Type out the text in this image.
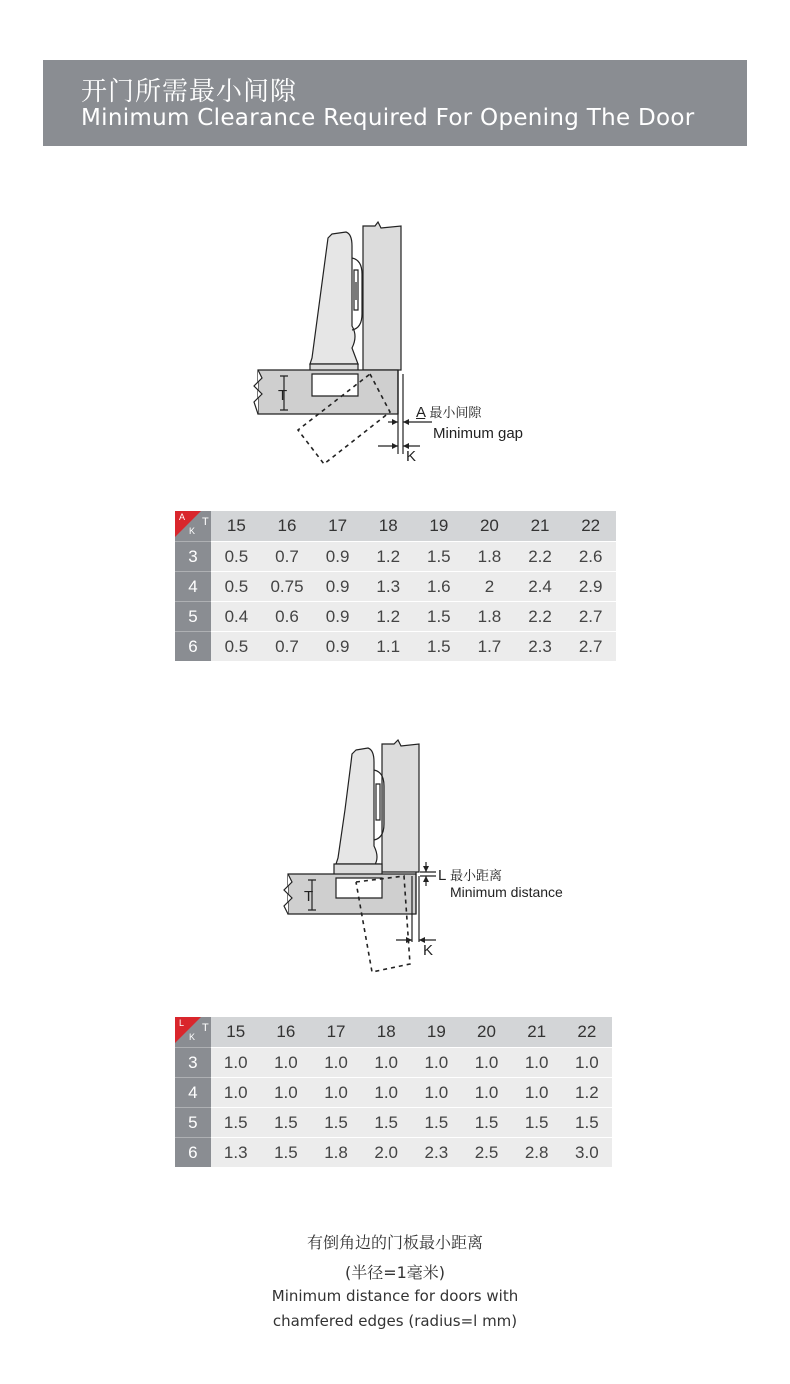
开门所需最小间隙
Minimum Clearance Required For Opening The Door
T
A 最小间隙
Minimum gap
K
A
K
T	15	16	17	18	19	20	21	22
3	0.5	0.7	0.9	1.2	1.5	1.8	2.2	2.6
4	0.5	0.75	0.9	1.3	1.6	2	2.4	2.9
5	0.4	0.6	0.9	1.2	1.5	1.8	2.2	2.7
6	0.5	0.7	0.9	1.1	1.5	1.7	2.3	2.7
T
L 最小距离
Minimum distance
K
L
K
T	15	16	17	18	19	20	21	22
3	1.0	1.0	1.0	1.0	1.0	1.0	1.0	1.0
4	1.0	1.0	1.0	1.0	1.0	1.0	1.0	1.2
5	1.5	1.5	1.5	1.5	1.5	1.5	1.5	1.5
6	1.3	1.5	1.8	2.0	2.3	2.5	2.8	3.0
有倒角边的门板最小距离
(半径=1毫米)
Minimum distance for doors with
chamfered edges (radius=l mm)
